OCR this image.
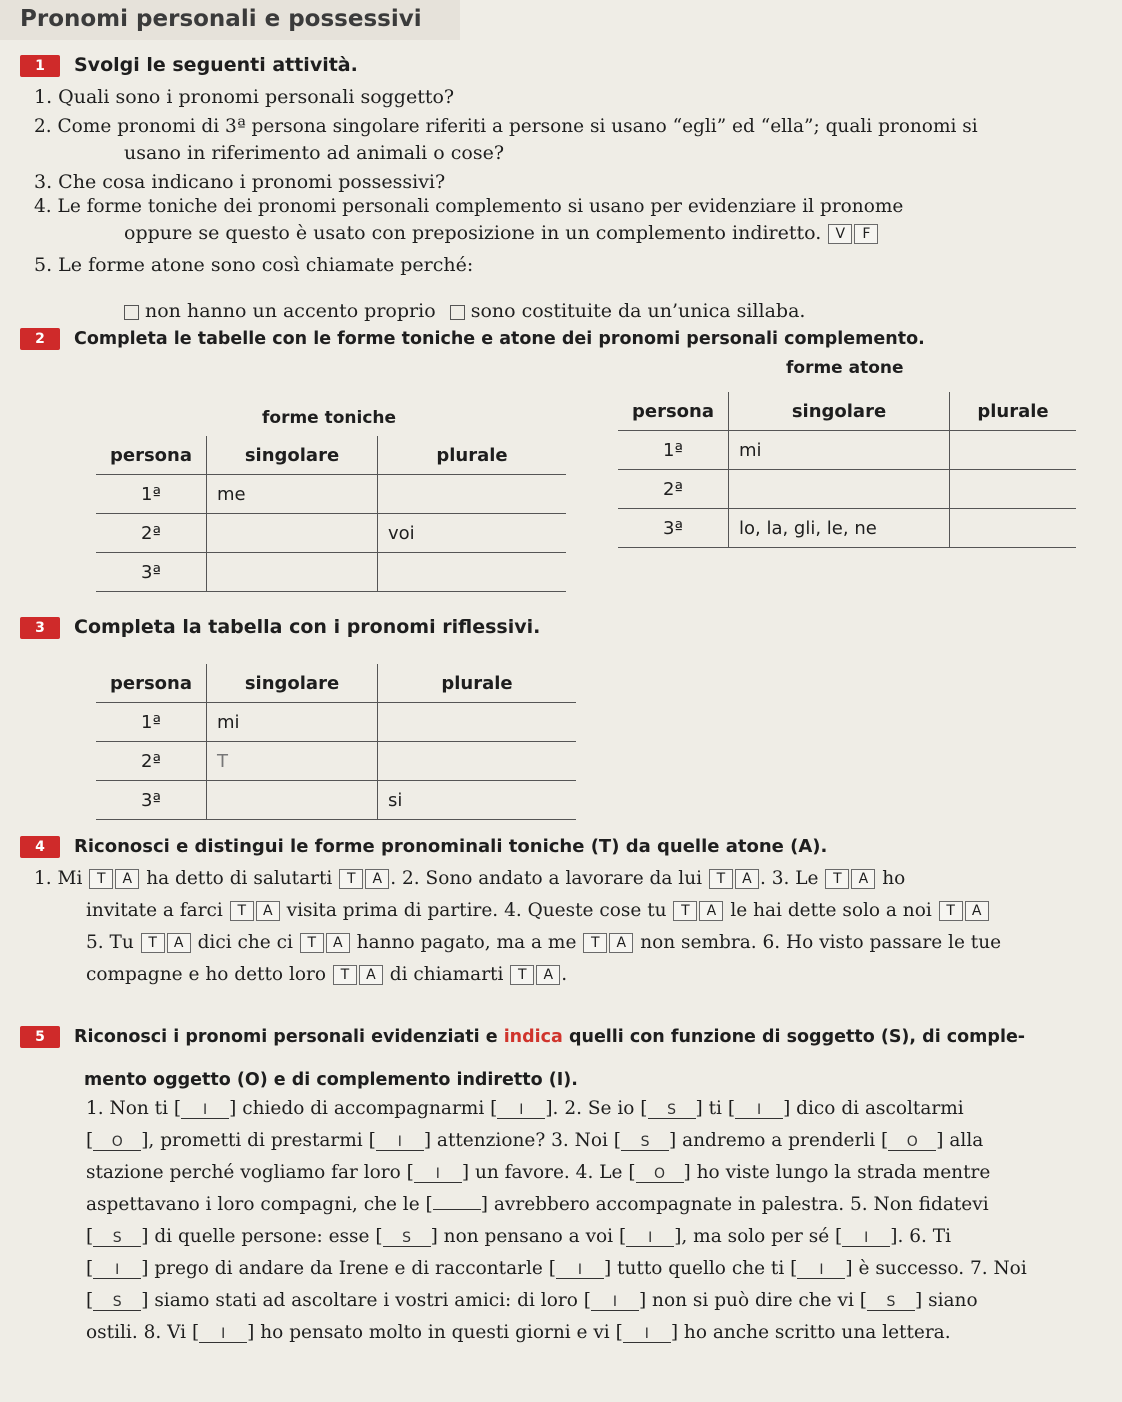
Pronomi personali e possessivi
1 Svolgi le seguenti attività.
1. Quali sono i pronomi personali soggetto?
2. Come pronomi di 3ª persona singolare riferiti a persone si usano “egli” ed “ella”; quali pronomi si
usano in riferimento ad animali o cose?
3. Che cosa indicano i pronomi possessivi?
4. Le forme toniche dei pronomi personali complemento si usano per evidenziare il pronome
oppure se questo è usato con preposizione in un complemento indiretto. V F
5. Le forme atone sono così chiamate perché:
non hanno un accento proprio sono costituite da un’unica sillaba.
2 Completa le tabelle con le forme toniche e atone dei pronomi personali complemento.
forme toniche
persona	singolare	plurale
1ª	me	
2ª		voi
3ª		
forme atone
persona	singolare	plurale
1ª	mi	
2ª		
3ª	lo, la, gli, le, ne	
3 Completa la tabella con i pronomi riflessivi.
persona	singolare	plurale
1ª	mi	
2ª	T	
3ª		si
4 Riconosci e distingui le forme pronominali toniche (T) da quelle atone (A).
1. Mi T A ha detto di salutarti T A . 2. Sono andato a lavorare da lui T A . 3. Le T A ho
invitate a farci T A visita prima di partire. 4. Queste cose tu T A le hai dette solo a noi T A
5. Tu T A dici che ci T A hanno pagato, ma a me T A non sembra. 6. Ho visto passare le tue
compagne e ho detto loro T A di chiamarti T A .
5 Riconosci i pronomi personali evidenziati e indica quelli con funzione di soggetto (S), di comple-
mento oggetto (O) e di complemento indiretto (I).
1. Non ti [ I ] chiedo di accompagnarmi [ I ]. 2. Se io [ S ] ti [ I ] dico di ascoltarmi
[ O ], prometti di prestarmi [ I ] attenzione? 3. Noi [ S ] andremo a prenderli [ O ] alla
stazione perché vogliamo far loro [ I ] un favore. 4. Le [ O ] ho viste lungo la strada mentre
aspettavano i loro compagni, che le [	] avrebbero accompagnate in palestra. 5. Non fidatevi
[ S ] di quelle persone: esse [ S ] non pensano a voi [ I ], ma solo per sé [ I ]. 6. Ti
[ I ] prego di andare da Irene e di raccontarle [ I ] tutto quello che ti [ I ] è successo. 7. Noi
[ S ] siamo stati ad ascoltare i vostri amici: di loro [ I ] non si può dire che vi [ S ] siano
ostili. 8. Vi [ I ] ho pensato molto in questi giorni e vi [ I ] ho anche scritto una lettera.
